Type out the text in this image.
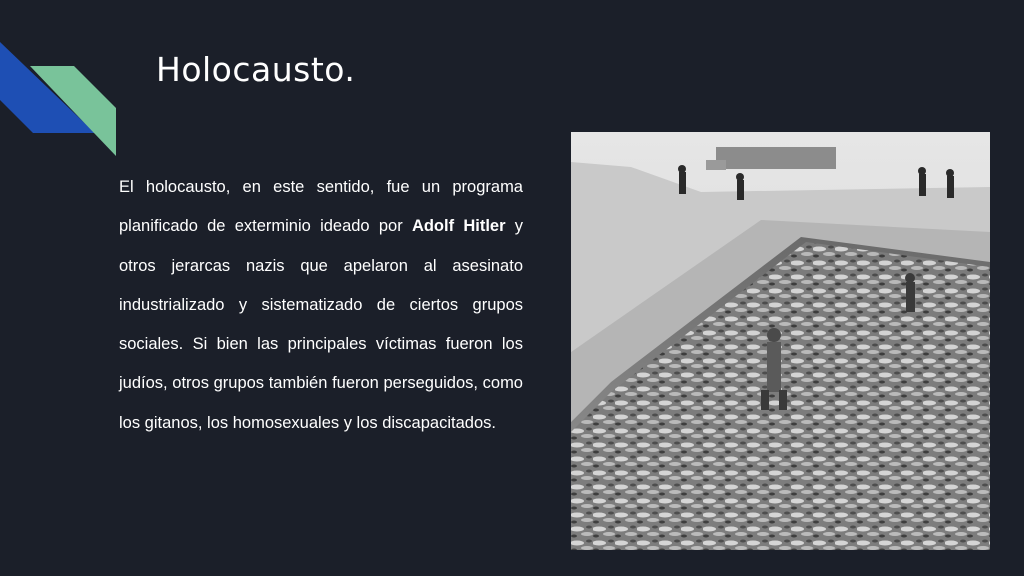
Holocausto.
El holocausto, en este sentido, fue un programa planificado de exterminio ideado por Adolf Hitler y otros jerarcas nazis que apelaron al asesinato industrializado y sistematizado de ciertos grupos sociales. Si bien las principales víctimas fueron los judíos, otros grupos también fueron perseguidos, como los gitanos, los homosexuales y los discapacitados.
